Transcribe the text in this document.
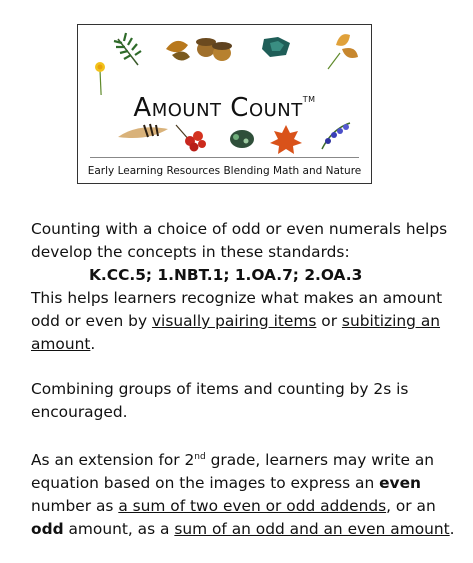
Amount Count™
Early Learning Resources Blending Math and Nature
Counting with a choice of odd or even numerals helps
develop the concepts in these standards:
K.CC.5; 1.NBT.1; 1.OA.7; 2.OA.3
This helps learners recognize what makes an amount
odd or even by visually pairing items or subitizing an
amount.
Combining groups of items and counting by 2s is
encouraged.
As an extension for 2nd grade, learners may write an
equation based on the images to express an even
number as a sum of two even or odd addends, or an
odd amount, as a sum of an odd and an even amount.
